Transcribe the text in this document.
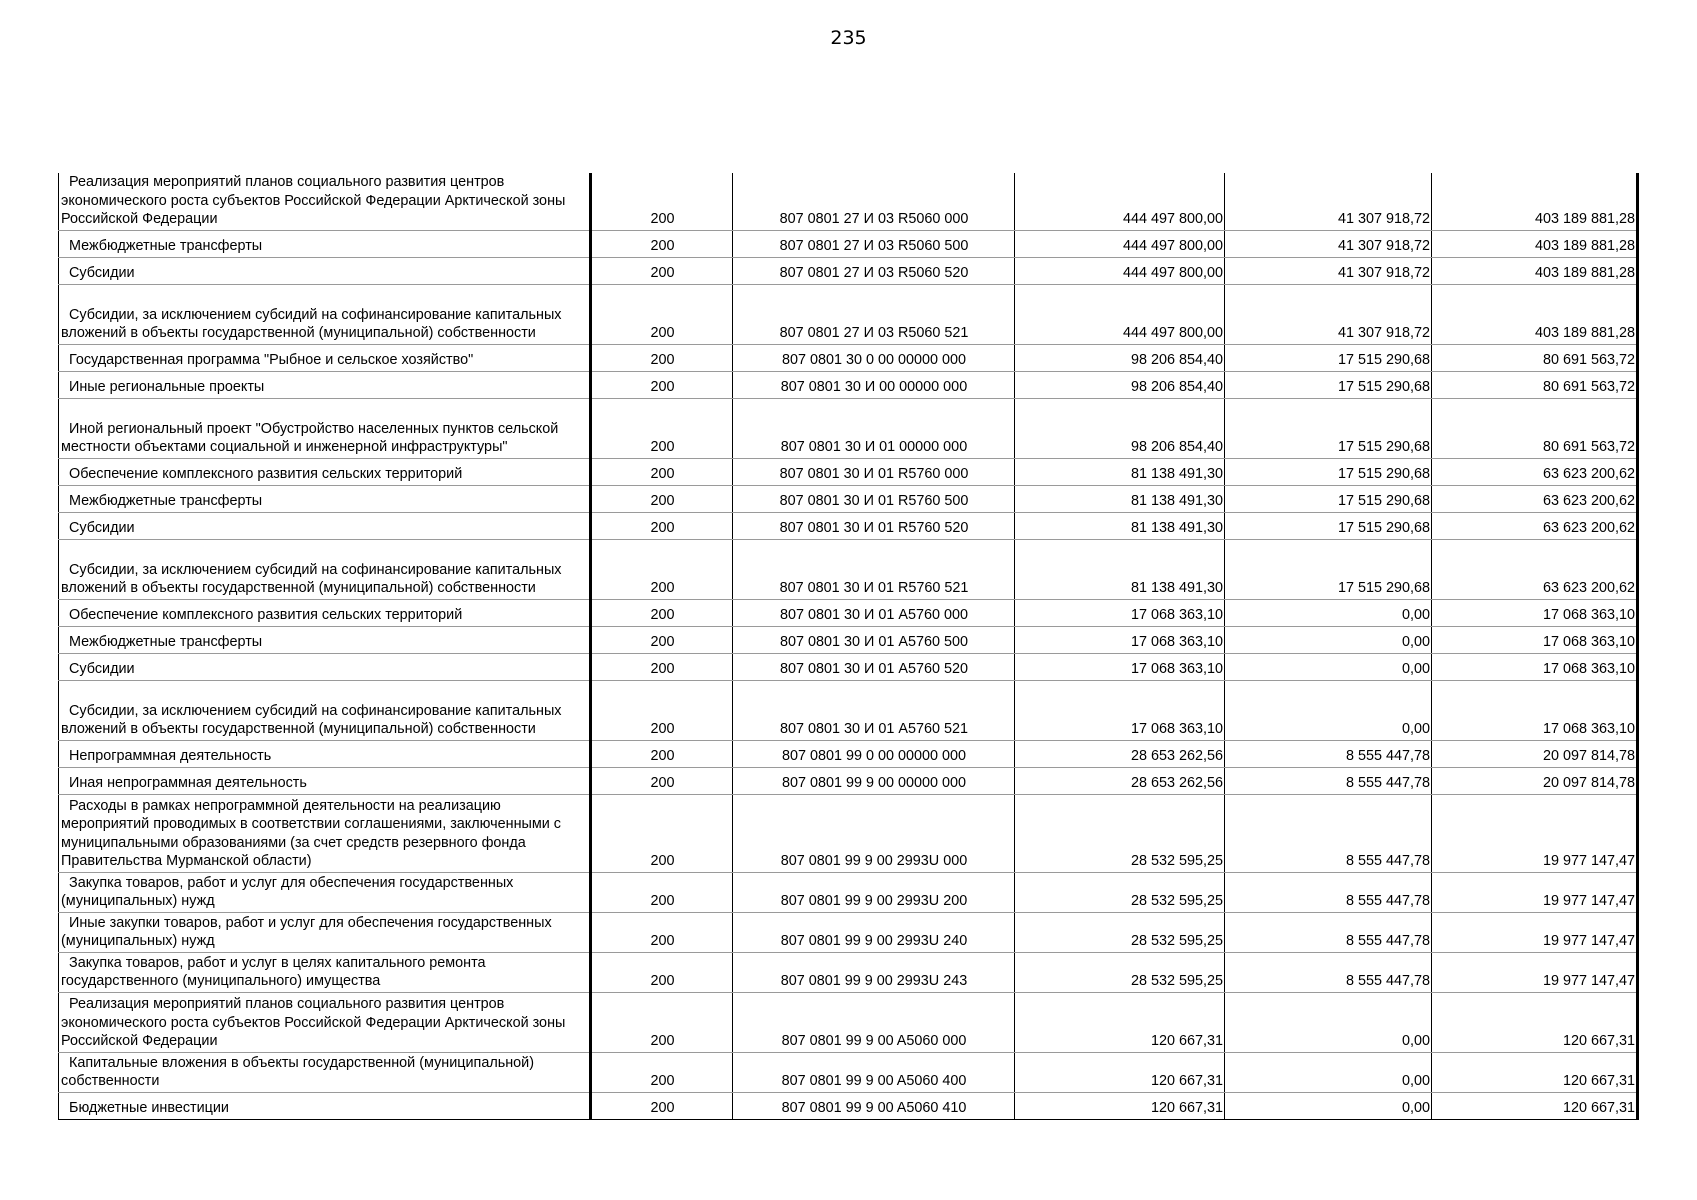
235
Реализация мероприятий планов социального развития центров экономического роста субъектов Российской Федерации Арктической зоны Российской Федерации	200	807 0801 27 И 03 R5060 000	444 497 800,00	41 307 918,72	403 189 881,28
Межбюджетные трансферты	200	807 0801 27 И 03 R5060 500	444 497 800,00	41 307 918,72	403 189 881,28
Субсидии	200	807 0801 27 И 03 R5060 520	444 497 800,00	41 307 918,72	403 189 881,28
Субсидии, за исключением субсидий на софинансирование капитальных вложений в объекты государственной (муниципальной) собственности	200	807 0801 27 И 03 R5060 521	444 497 800,00	41 307 918,72	403 189 881,28
Государственная программа "Рыбное и сельское хозяйство"	200	807 0801 30 0 00 00000 000	98 206 854,40	17 515 290,68	80 691 563,72
Иные региональные проекты	200	807 0801 30 И 00 00000 000	98 206 854,40	17 515 290,68	80 691 563,72
Иной региональный проект "Обустройство населенных пунктов сельской местности объектами социальной и инженерной инфраструктуры"	200	807 0801 30 И 01 00000 000	98 206 854,40	17 515 290,68	80 691 563,72
Обеспечение комплексного развития сельских территорий	200	807 0801 30 И 01 R5760 000	81 138 491,30	17 515 290,68	63 623 200,62
Межбюджетные трансферты	200	807 0801 30 И 01 R5760 500	81 138 491,30	17 515 290,68	63 623 200,62
Субсидии	200	807 0801 30 И 01 R5760 520	81 138 491,30	17 515 290,68	63 623 200,62
Субсидии, за исключением субсидий на софинансирование капитальных вложений в объекты государственной (муниципальной) собственности	200	807 0801 30 И 01 R5760 521	81 138 491,30	17 515 290,68	63 623 200,62
Обеспечение комплексного развития сельских территорий	200	807 0801 30 И 01 A5760 000	17 068 363,10	0,00	17 068 363,10
Межбюджетные трансферты	200	807 0801 30 И 01 A5760 500	17 068 363,10	0,00	17 068 363,10
Субсидии	200	807 0801 30 И 01 A5760 520	17 068 363,10	0,00	17 068 363,10
Субсидии, за исключением субсидий на софинансирование капитальных вложений в объекты государственной (муниципальной) собственности	200	807 0801 30 И 01 A5760 521	17 068 363,10	0,00	17 068 363,10
Непрограммная деятельность	200	807 0801 99 0 00 00000 000	28 653 262,56	8 555 447,78	20 097 814,78
Иная непрограммная деятельность	200	807 0801 99 9 00 00000 000	28 653 262,56	8 555 447,78	20 097 814,78
Расходы в рамках непрограммной деятельности на реализацию мероприятий проводимых в соответствии соглашениями, заключенными с муниципальными образованиями (за счет средств резервного фонда Правительства Мурманской области)	200	807 0801 99 9 00 2993U 000	28 532 595,25	8 555 447,78	19 977 147,47
Закупка товаров, работ и услуг для обеспечения государственных (муниципальных) нужд	200	807 0801 99 9 00 2993U 200	28 532 595,25	8 555 447,78	19 977 147,47
Иные закупки товаров, работ и услуг для обеспечения государственных (муниципальных) нужд	200	807 0801 99 9 00 2993U 240	28 532 595,25	8 555 447,78	19 977 147,47
Закупка товаров, работ и услуг в целях капитального ремонта государственного (муниципального) имущества	200	807 0801 99 9 00 2993U 243	28 532 595,25	8 555 447,78	19 977 147,47
Реализация мероприятий планов социального развития центров экономического роста субъектов Российской Федерации Арктической зоны Российской Федерации	200	807 0801 99 9 00 A5060 000	120 667,31	0,00	120 667,31
Капитальные вложения в объекты государственной (муниципальной) собственности	200	807 0801 99 9 00 A5060 400	120 667,31	0,00	120 667,31
Бюджетные инвестиции	200	807 0801 99 9 00 A5060 410	120 667,31	0,00	120 667,31
